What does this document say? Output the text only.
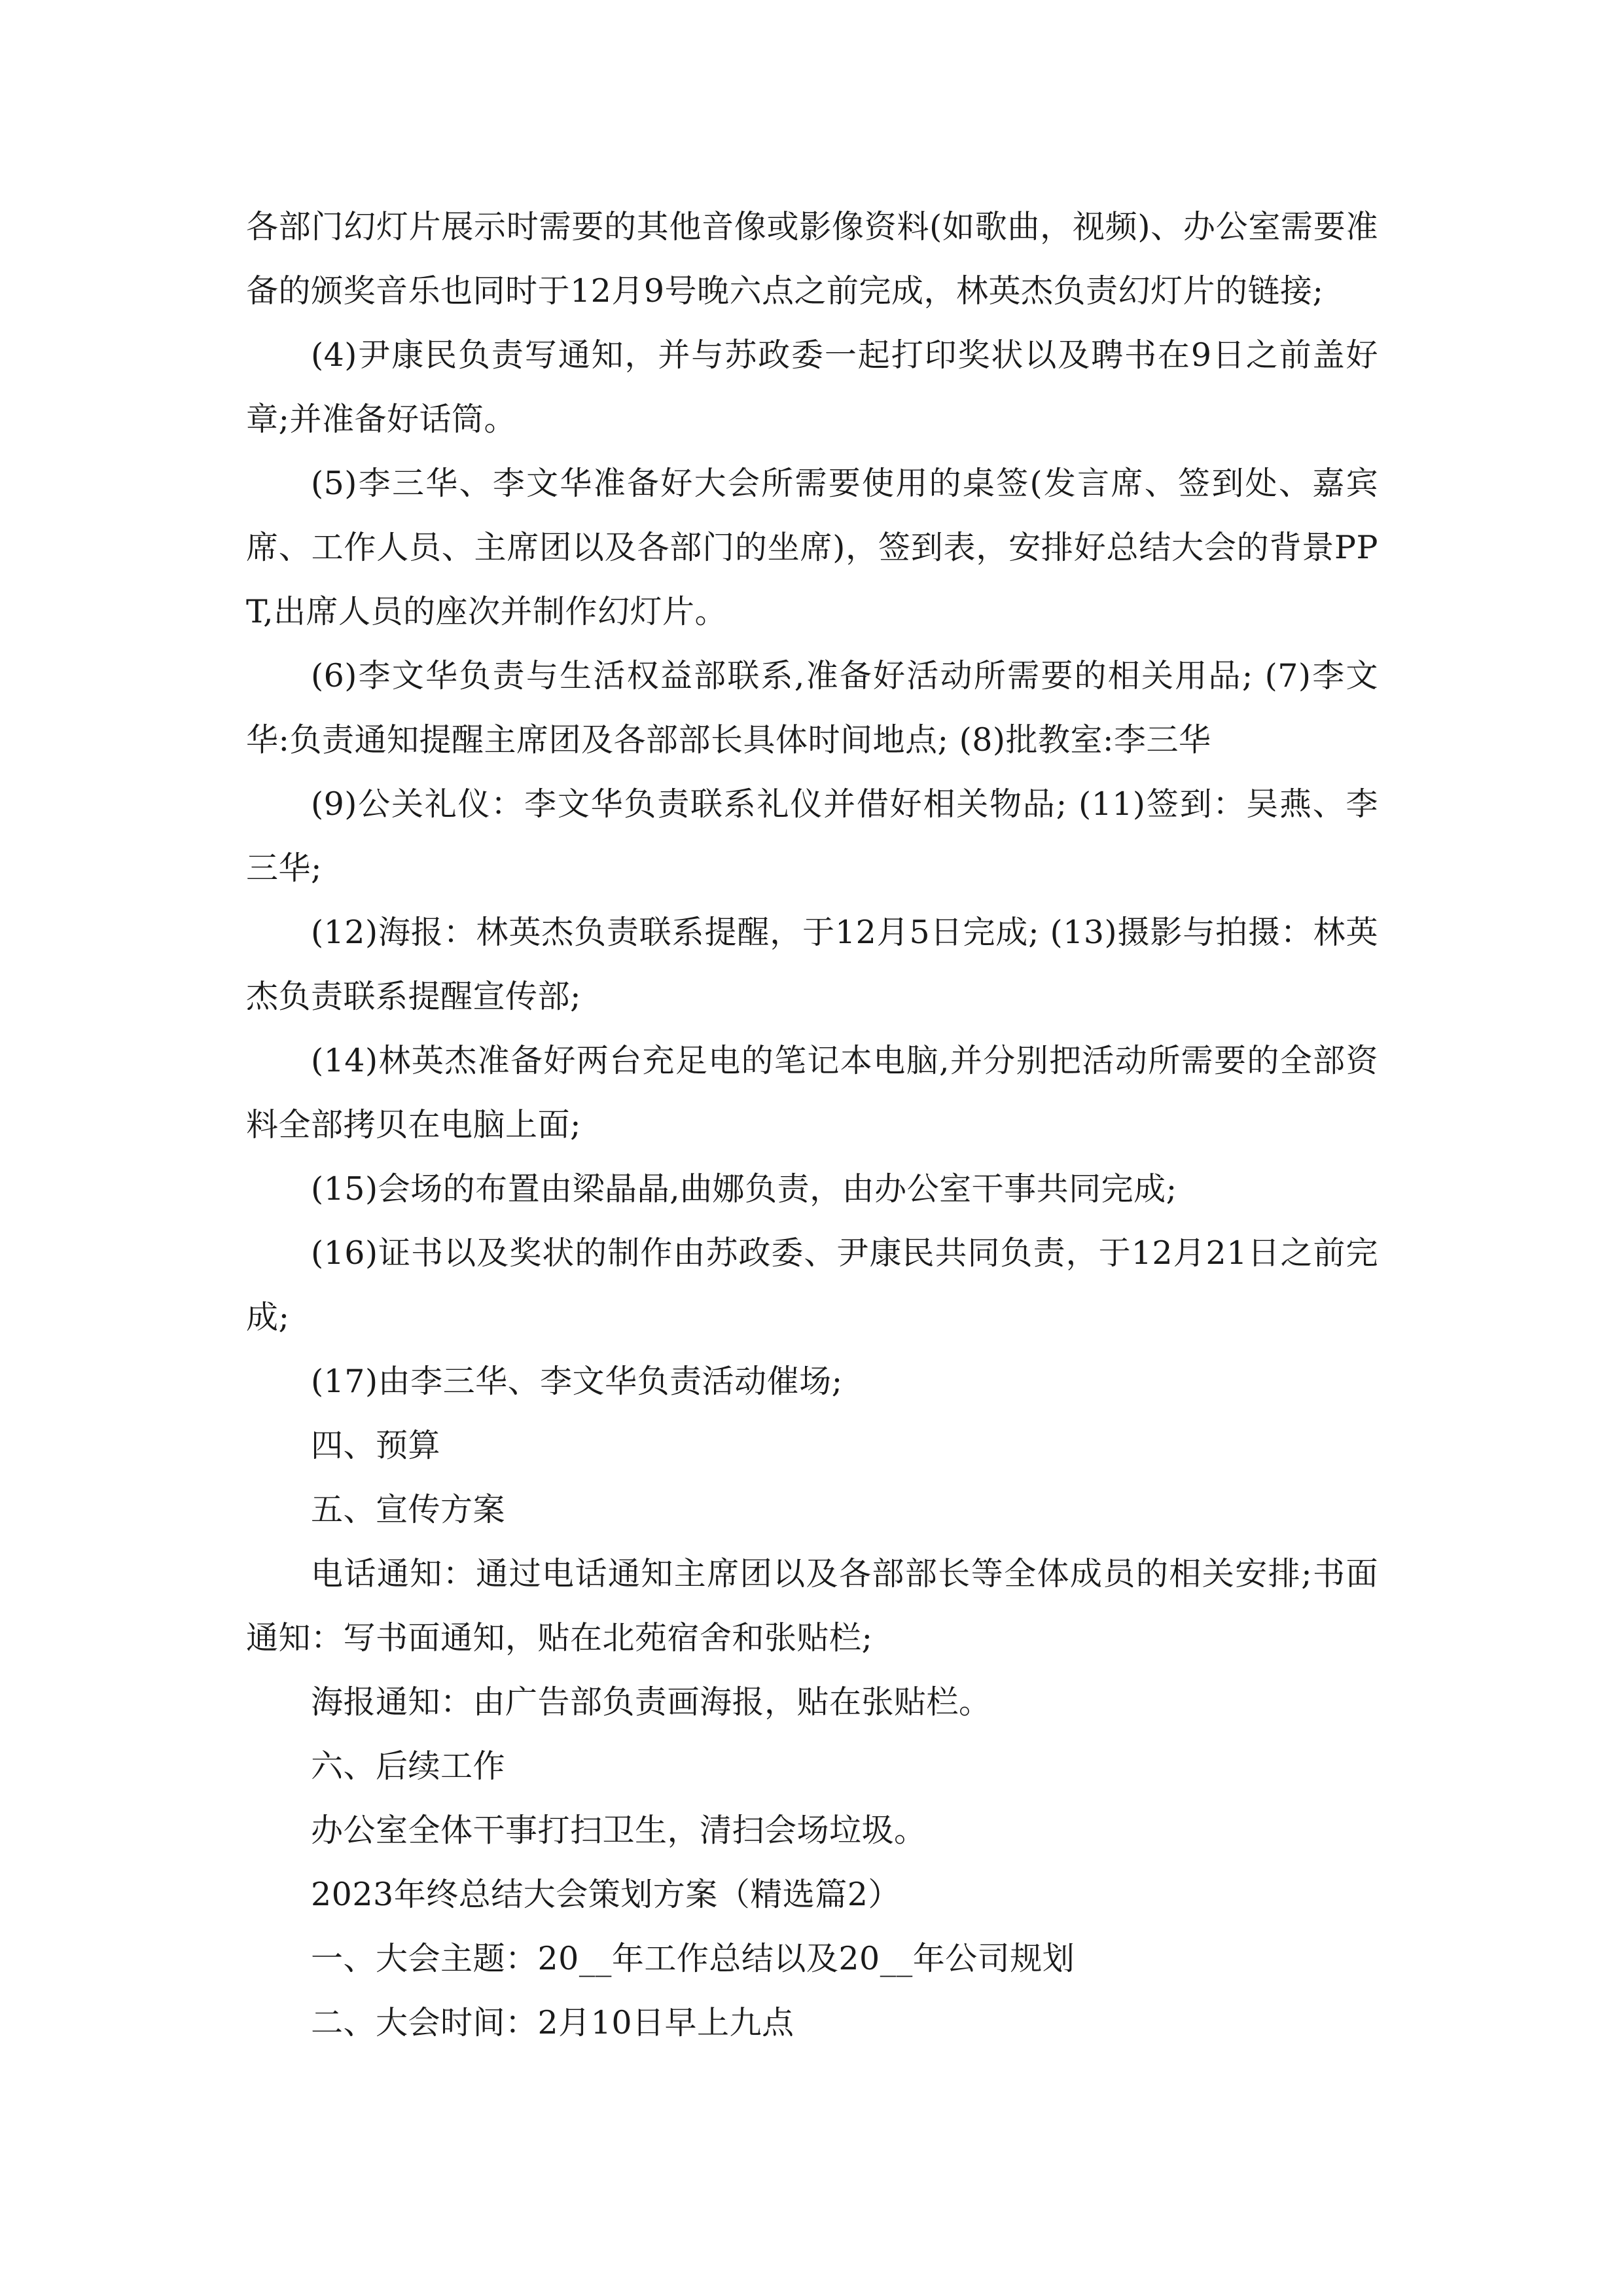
各部门幻灯片展示时需要的其他音像或影像资料(如歌曲，视频)、办公室需要准备的颁奖音乐也同时于12月9号晚六点之前完成，林英杰负责幻灯片的链接;

(4)尹康民负责写通知，并与苏政委一起打印奖状以及聘书在9日之前盖好章;并准备好话筒。

(5)李三华、李文华准备好大会所需要使用的桌签(发言席、签到处、嘉宾席、工作人员、主席团以及各部门的坐席)，签到表，安排好总结大会的背景PPT,出席人员的座次并制作幻灯片。

(6)李文华负责与生活权益部联系,准备好活动所需要的相关用品; (7)李文华:负责通知提醒主席团及各部部长具体时间地点; (8)批教室:李三华

(9)公关礼仪：李文华负责联系礼仪并借好相关物品; (11)签到：吴燕、李三华;

(12)海报：林英杰负责联系提醒，于12月5日完成; (13)摄影与拍摄：林英杰负责联系提醒宣传部;

(14)林英杰准备好两台充足电的笔记本电脑,并分别把活动所需要的全部资料全部拷贝在电脑上面;

(15)会场的布置由梁晶晶,曲娜负责，由办公室干事共同完成;

(16)证书以及奖状的制作由苏政委、尹康民共同负责，于12月21日之前完成;

(17)由李三华、李文华负责活动催场;

四、预算

五、宣传方案

电话通知：通过电话通知主席团以及各部部长等全体成员的相关安排;书面通知：写书面通知，贴在北苑宿舍和张贴栏;

海报通知：由广告部负责画海报，贴在张贴栏。

六、后续工作

办公室全体干事打扫卫生，清扫会场垃圾。

2023年终总结大会策划方案（精选篇2）

一、大会主题：20__年工作总结以及20__年公司规划

二、大会时间：2月10日早上九点
